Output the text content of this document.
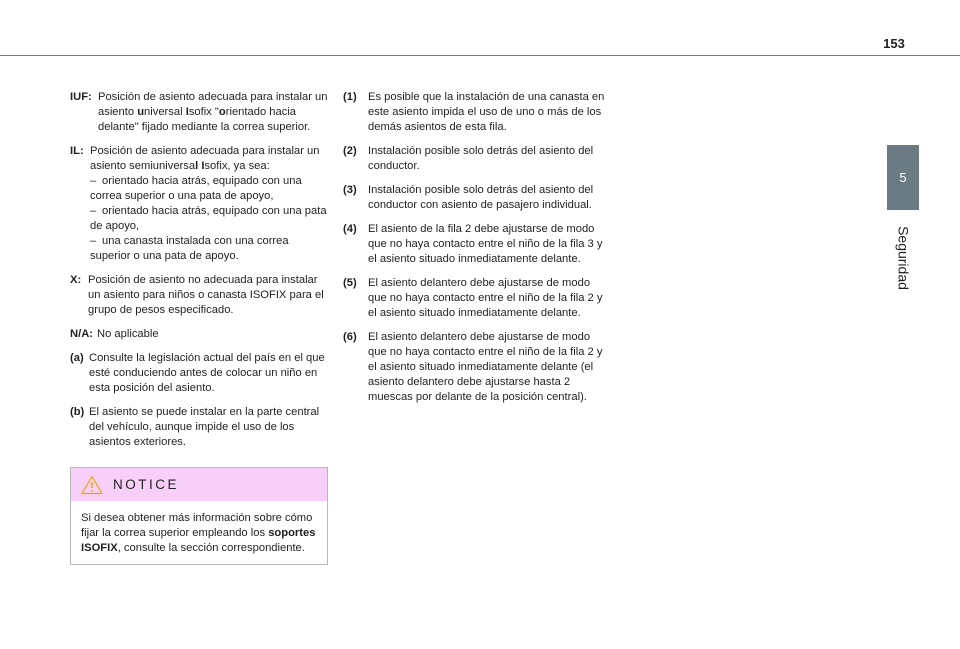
153
5
Seguridad
IUF: Posición de asiento adecuada para instalar un asiento universal Isofix "orientado hacia delante" fijado mediante la correa superior.
IL: Posición de asiento adecuada para instalar un asiento semiuniversal Isofix, ya sea:
– orientado hacia atrás, equipado con una correa superior o una pata de apoyo,
– orientado hacia atrás, equipado con una pata de apoyo,
– una canasta instalada con una correa superior o una pata de apoyo.
X: Posición de asiento no adecuada para instalar un asiento para niños o canasta ISOFIX para el grupo de pesos especificado.
N/A: No aplicable
(a) Consulte la legislación actual del país en el que esté conduciendo antes de colocar un niño en esta posición del asiento.
(b) El asiento se puede instalar en la parte central del vehículo, aunque impide el uso de los asientos exteriores.
NOTICE
Si desea obtener más información sobre cómo fijar la correa superior empleando los soportes ISOFIX, consulte la sección correspondiente.
(1) Es posible que la instalación de una canasta en este asiento impida el uso de uno o más de los demás asientos de esta fila.
(2) Instalación posible solo detrás del asiento del conductor.
(3) Instalación posible solo detrás del asiento del conductor con asiento de pasajero individual.
(4) El asiento de la fila 2 debe ajustarse de modo que no haya contacto entre el niño de la fila 3 y el asiento situado inmediatamente delante.
(5) El asiento delantero debe ajustarse de modo que no haya contacto entre el niño de la fila 2 y el asiento situado inmediatamente delante.
(6) El asiento delantero debe ajustarse de modo que no haya contacto entre el niño de la fila 2 y el asiento situado inmediatamente delante (el asiento delantero debe ajustarse hasta 2 muescas por delante de la posición central).
